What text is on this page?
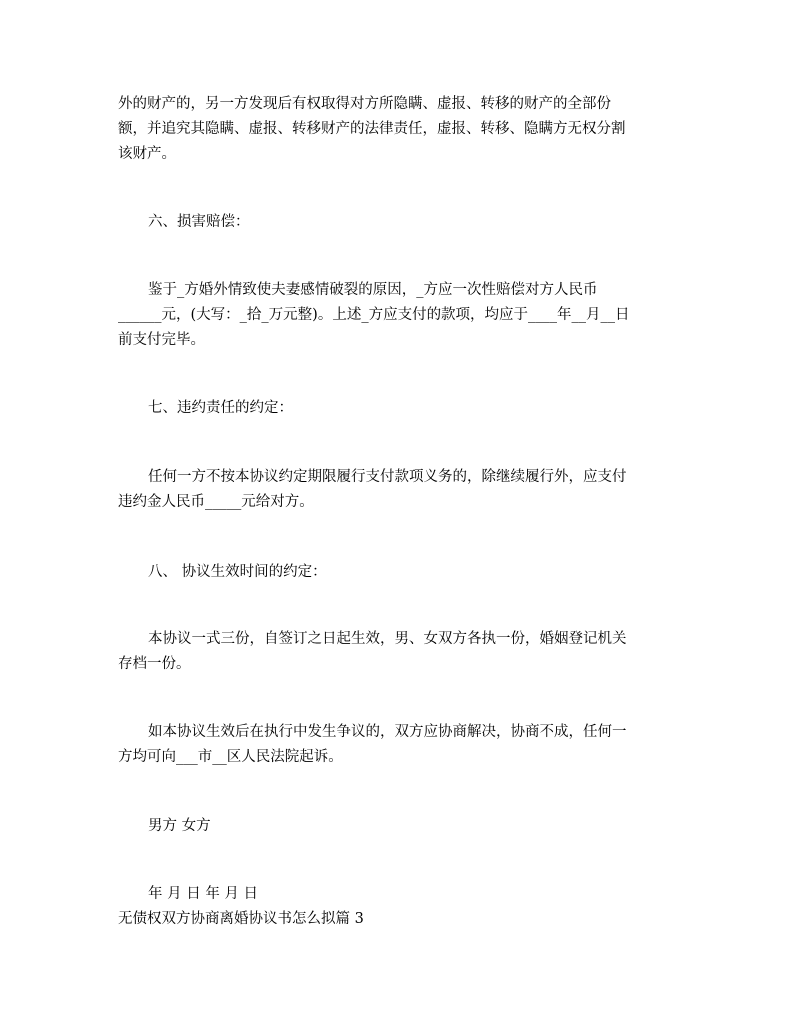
外的财产的，另一方发现后有权取得对方所隐瞒、虚报、转移的财产的全部份
额，并追究其隐瞒、虚报、转移财产的法律责任，虚报、转移、隐瞒方无权分割
该财产。
六、损害赔偿：
鉴于_方婚外情致使夫妻感情破裂的原因，_方应一次性赔偿对方人民币
______元，(大写：_拾_万元整)。上述_方应支付的款项，均应于____年__月__日
前支付完毕。
七、违约责任的约定：
任何一方不按本协议约定期限履行支付款项义务的，除继续履行外，应支付
违约金人民币_____元给对方。
八、 协议生效时间的约定：
本协议一式三份，自签订之日起生效，男、女双方各执一份，婚姻登记机关
存档一份。
如本协议生效后在执行中发生争议的，双方应协商解决，协商不成，任何一
方均可向___市__区人民法院起诉。
男方 女方
年 月 日 年 月 日
无债权双方协商离婚协议书怎么拟篇 3
